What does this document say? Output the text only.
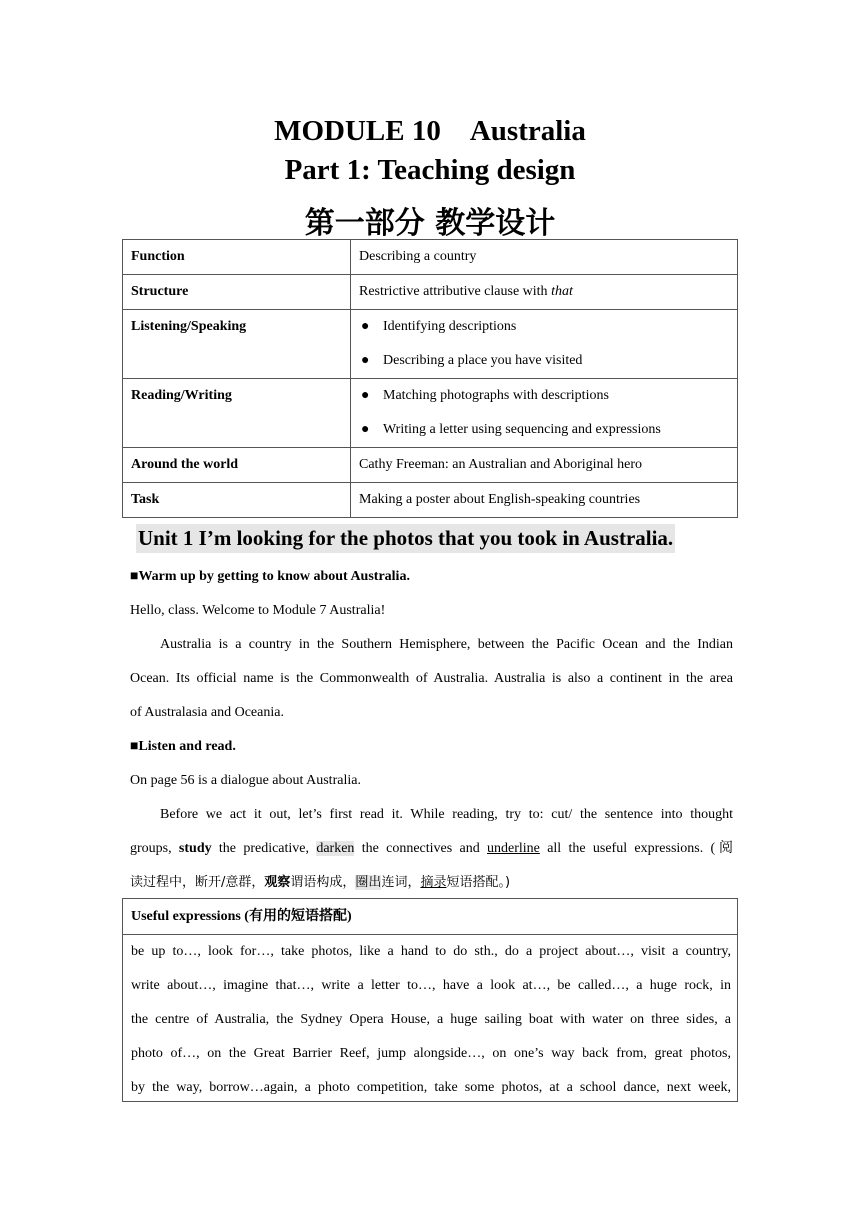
MODULE 10　Australia
Part 1: Teaching design
第一部分 教学设计
Function	Describing a country

Structure	Restrictive attributive clause with that

Listening/Speaking	● Identifying descriptions
● Describing a place you have visited

Reading/Writing	● Matching photographs with descriptions
● Writing a letter using sequencing and expressions

Around the world	Cathy Freeman: an Australian and Aboriginal hero

Task	Making a poster about English-speaking countries
Unit 1 I’m looking for the photos that you took in Australia.
■Warm up by getting to know about Australia.
Hello, class. Welcome to Module 7 Australia!
Australia is a country in the Southern Hemisphere, between the Pacific Ocean and the Indian
Ocean. Its official name is the Commonwealth of Australia. Australia is also a continent in the area
of Australasia and Oceania.
■Listen and read.
On page 56 is a dialogue about Australia.
Before we act it out, let’s first read it. While reading, try to: cut/ the sentence into thought
groups, study the predicative, darken the connectives and underline all the useful expressions. (阅
读过程中，断开/意群，观察谓语构成，圈出连词，摘录短语搭配。)
Useful expressions (有用的短语搭配)
be up to…, look for…, take photos, like a hand to do sth., do a project about…, visit a country,
write about…, imagine that…, write a letter to…, have a look at…, be called…, a huge rock, in
the centre of Australia, the Sydney Opera House, a huge sailing boat with water on three sides, a
photo of…, on the Great Barrier Reef, jump alongside…, on one’s way back from, great photos,
by the way, borrow…again, a photo competition, take some photos, at a school dance, next week,
